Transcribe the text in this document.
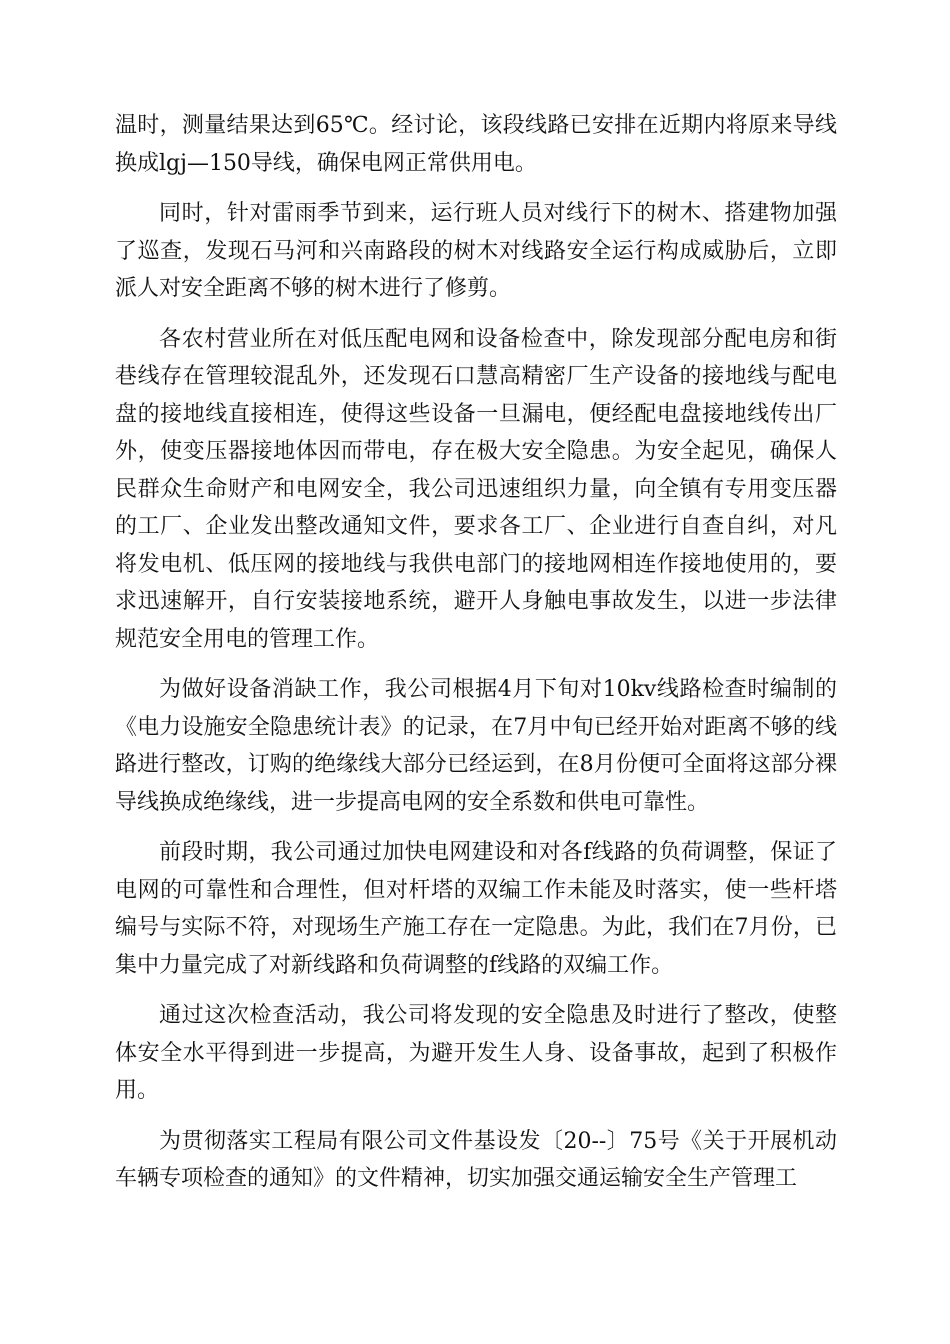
温时，测量结果达到65℃。经讨论，该段线路已安排在近期内将原来导线换成lgj—150导线，确保电网正常供用电。

同时，针对雷雨季节到来，运行班人员对线行下的树木、搭建物加强了巡查，发现石马河和兴南路段的树木对线路安全运行构成威胁后，立即派人对安全距离不够的树木进行了修剪。

各农村营业所在对低压配电网和设备检查中，除发现部分配电房和街巷线存在管理较混乱外，还发现石口慧高精密厂生产设备的接地线与配电盘的接地线直接相连，使得这些设备一旦漏电，便经配电盘接地线传出厂外，使变压器接地体因而带电，存在极大安全隐患。为安全起见，确保人民群众生命财产和电网安全，我公司迅速组织力量，向全镇有专用变压器的工厂、企业发出整改通知文件，要求各工厂、企业进行自查自纠，对凡将发电机、低压网的接地线与我供电部门的接地网相连作接地使用的，要求迅速解开，自行安装接地系统，避开人身触电事故发生，以进一步法律规范安全用电的管理工作。

为做好设备消缺工作，我公司根据4月下旬对10kv线路检查时编制的《电力设施安全隐患统计表》的记录，在7月中旬已经开始对距离不够的线路进行整改，订购的绝缘线大部分已经运到，在8月份便可全面将这部分裸导线换成绝缘线，进一步提高电网的安全系数和供电可靠性。

前段时期，我公司通过加快电网建设和对各f线路的负荷调整，保证了电网的可靠性和合理性，但对杆塔的双编工作未能及时落实，使一些杆塔编号与实际不符，对现场生产施工存在一定隐患。为此，我们在7月份，已集中力量完成了对新线路和负荷调整的f线路的双编工作。

通过这次检查活动，我公司将发现的安全隐患及时进行了整改，使整体安全水平得到进一步提高，为避开发生人身、设备事故，起到了积极作用。

为贯彻落实工程局有限公司文件基设发〔20--〕75号《关于开展机动车辆专项检查的通知》的文件精神，切实加强交通运输安全生产管理工
